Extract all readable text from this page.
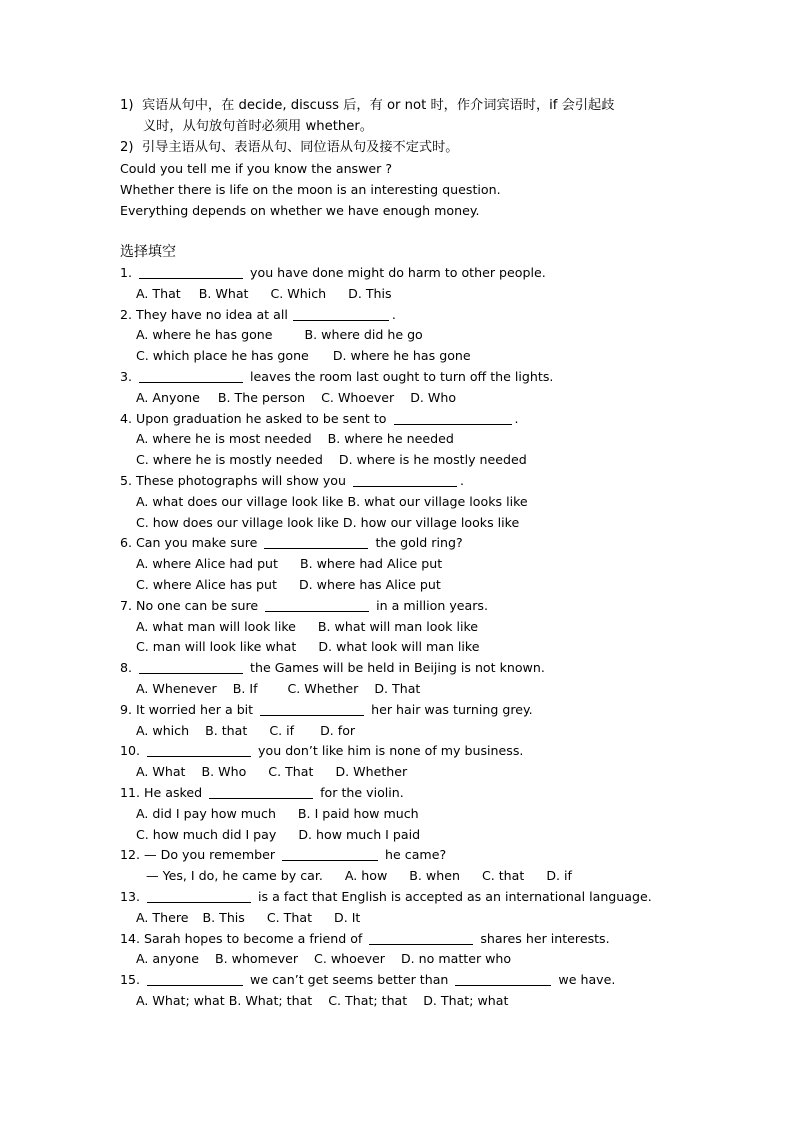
1) 宾语从句中，在 decide, discuss 后，有 or not 时，作介词宾语时，if 会引起歧
义时，从句放句首时必须用 whether。
2) 引导主语从句、表语从句、同位语从句及接不定式时。
Could you tell me if you know the answer ?
Whether there is life on the moon is an interesting question.
Everything depends on whether we have enough money.
选择填空
1.	you have done might do harm to other people.
A. That B. What C. Which D. This
2. They have no idea at all	.
A. where he has gone	B. where did he go
C. which place he has gone D. where he has gone
3.	leaves the room last ought to turn off the lights.
A. Anyone B. The person C. Whoever D. Who
4. Upon graduation he asked to be sent to	.
A. where he is most needed B. where he needed
C. where he is mostly needed D. where is he mostly needed
5. These photographs will show you	.
A. what does our village look like B. what our village looks like
C. how does our village look like D. how our village looks like
6. Can you make sure	the gold ring?
A. where Alice had put B. where had Alice put
C. where Alice has put D. where has Alice put
7. No one can be sure	in a million years.
A. what man will look like B. what will man look like
C. man will look like what D. what look will man like
8.	the Games will be held in Beijing is not known.
A. Whenever B. If C. Whether D. That
9. It worried her a bit	her hair was turning grey.
A. which B. that C. if D. for
10.	you don’t like him is none of my business.
A. What B. Who C. That D. Whether
11. He asked	for the violin.
A. did I pay how much B. I paid how much
C. how much did I pay D. how much I paid
12. — Do you remember	he came?
— Yes, I do, he came by car. A. how B. when C. that D. if
13.	is a fact that English is accepted as an international language.
A. There B. This C. That D. It
14. Sarah hopes to become a friend of	shares her interests.
A. anyone B. whomever C. whoever D. no matter who
15.	we can’t get seems better than	we have.
A. What; what B. What; that C. That; that D. That; what
